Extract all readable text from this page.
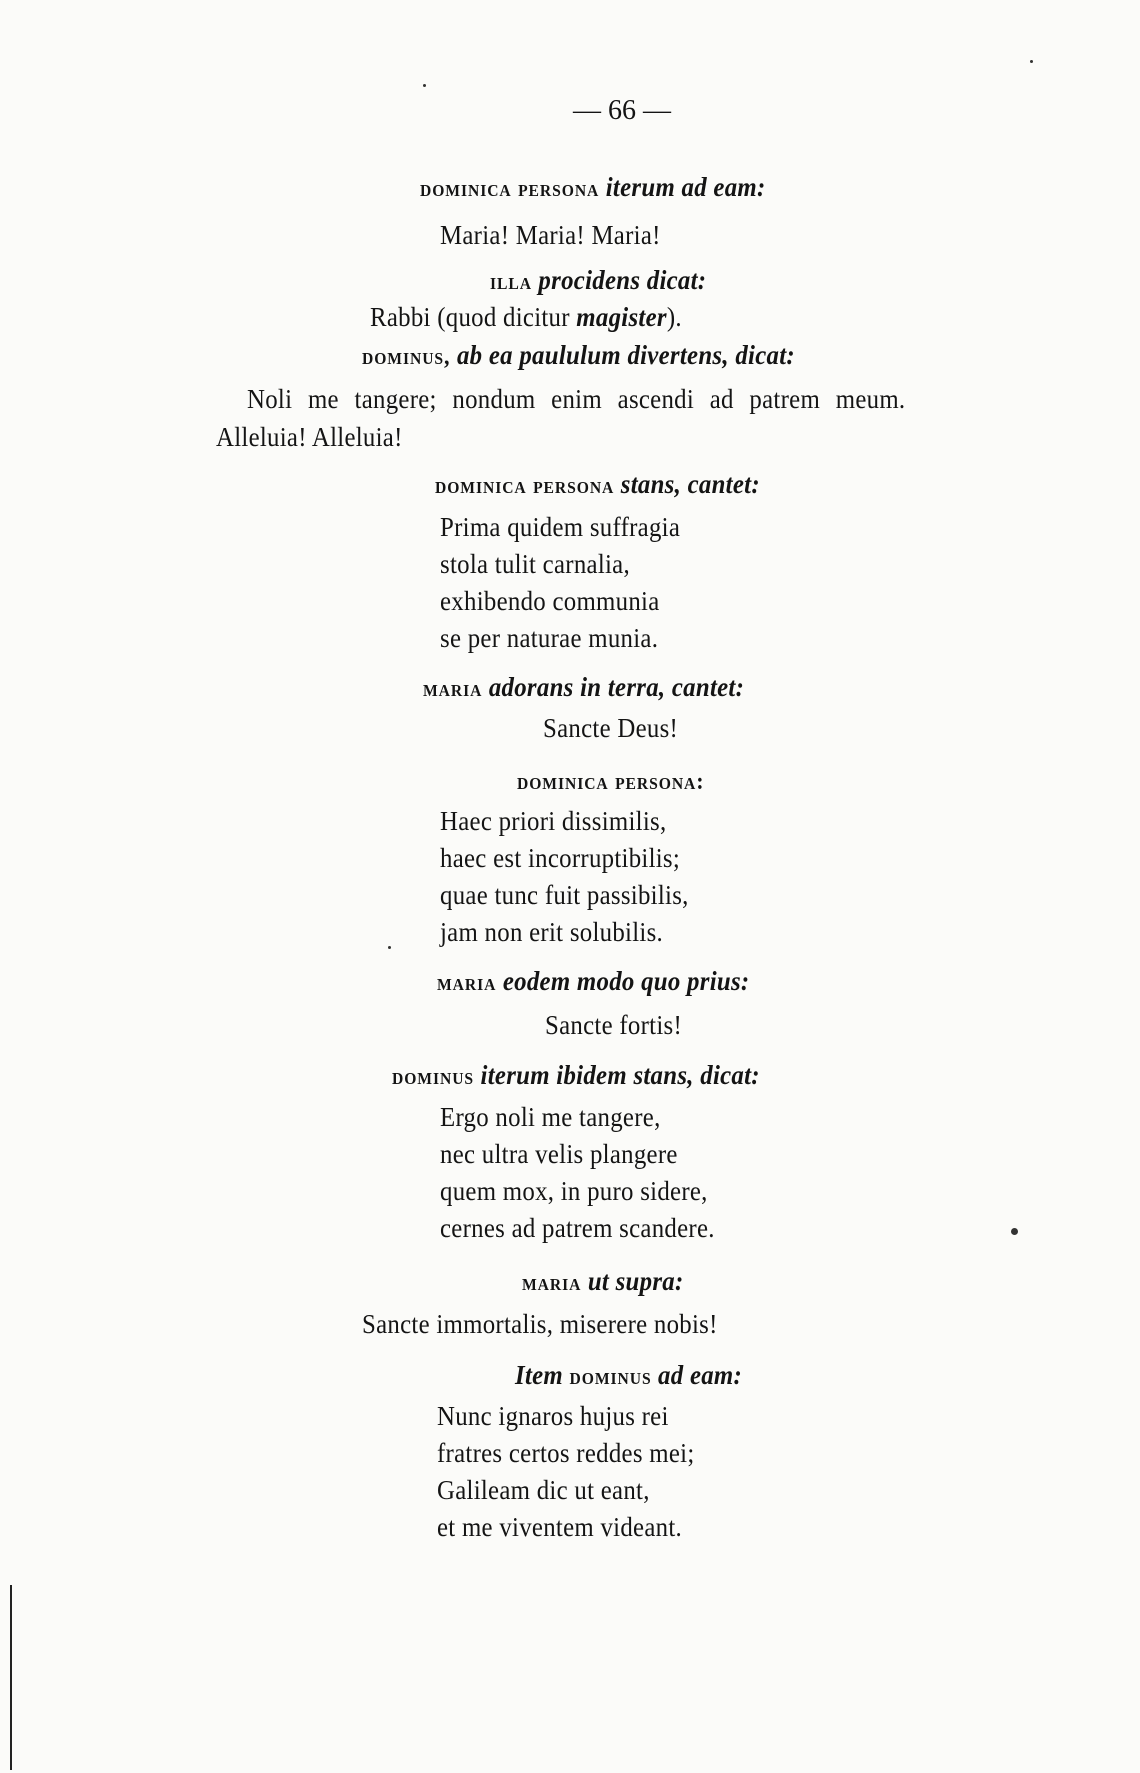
— 66 —
dominica persona iterum ad eam:
Maria! Maria! Maria!
illa procidens dicat:
Rabbi (quod dicitur magister).
dominus, ab ea paululum divertens, dicat:
Noli me tangere; nondum enim ascendi ad patrem meum.
Alleluia! Alleluia!
dominica persona stans, cantet:
Prima quidem suffragia
stola tulit carnalia,
exhibendo communia
se per naturae munia.
maria adorans in terra, cantet:
Sancte Deus!
dominica persona:
Haec priori dissimilis,
haec est incorruptibilis;
quae tunc fuit passibilis,
jam non erit solubilis.
maria eodem modo quo prius:
Sancte fortis!
dominus iterum ibidem stans, dicat:
Ergo noli me tangere,
nec ultra velis plangere
quem mox, in puro sidere,
cernes ad patrem scandere.
maria ut supra:
Sancte immortalis, miserere nobis!
Item dominus ad eam:
Nunc ignaros hujus rei
fratres certos reddes mei;
Galileam dic ut eant,
et me viventem videant.
